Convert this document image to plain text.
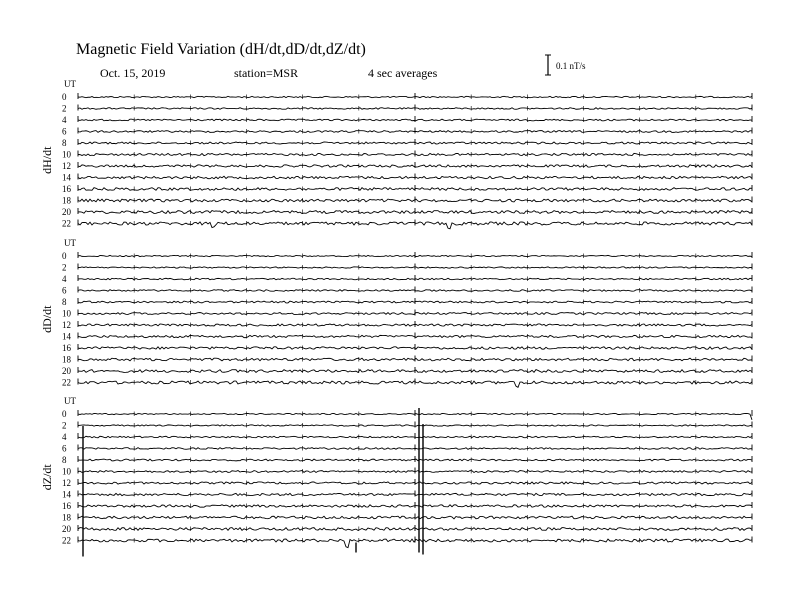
Magnetic Field Variation (dH/dt,dD/dt,dZ/dt)
Oct. 15, 2019	station=MSR	4 sec averages	0.1 nT/s
UT
dH/dt
0
2
4
6
8
10
12
14
16
18
20
22
UT
dD/dt
0
2
4
6
8
10
12
14
16
18
20
22
UT
dZ/dt
0
2
4
6
8
10
12
14
16
18
20
22
